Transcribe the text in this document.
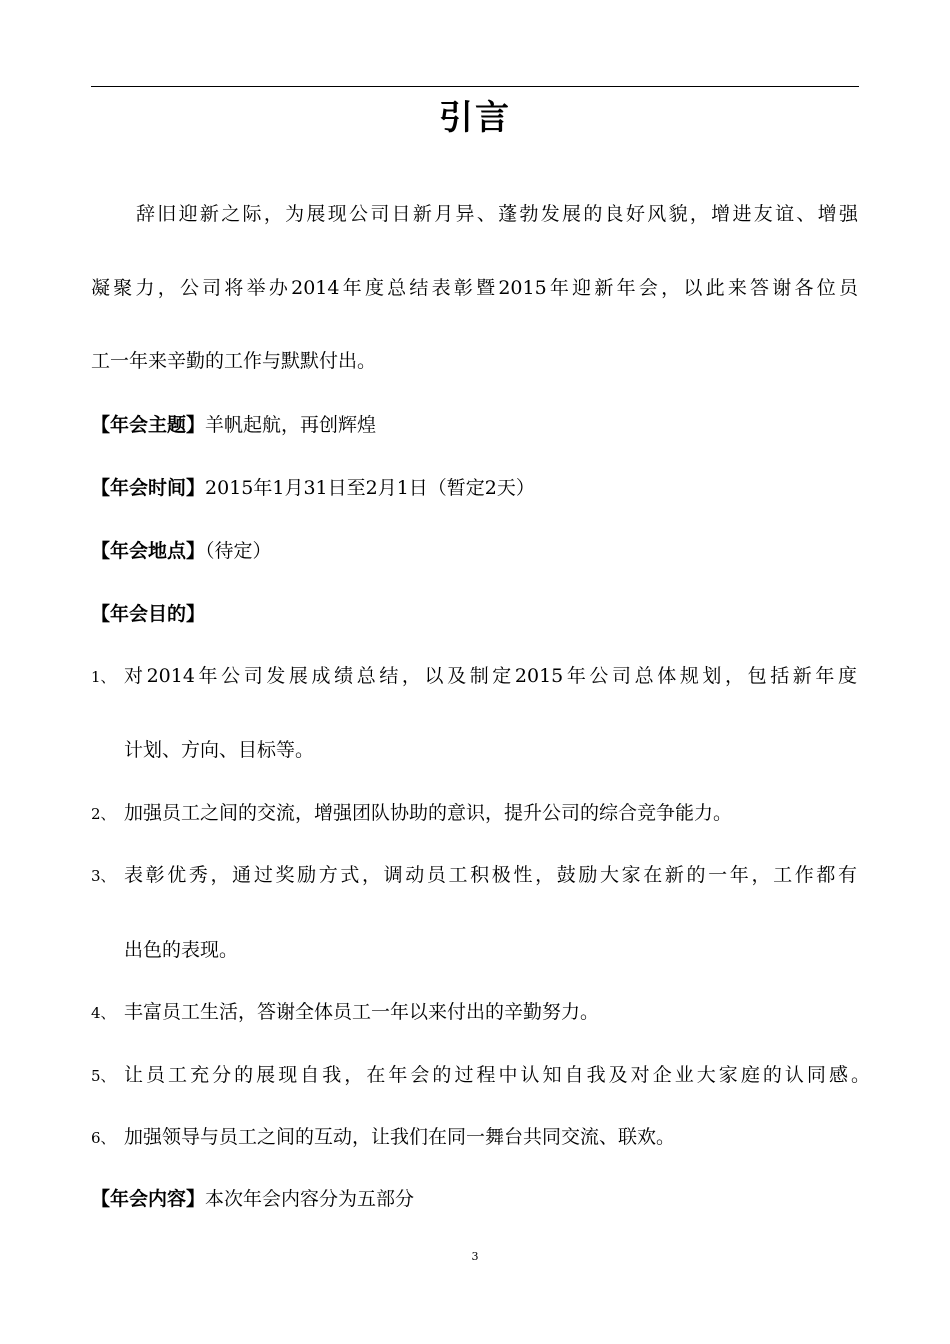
引言
辞旧迎新之际，为展现公司日新月异、蓬勃发展的良好风貌，增进友谊、增强
凝聚力，公司将举办2014年度总结表彰暨2015年迎新年会，以此来答谢各位员
工一年来辛勤的工作与默默付出。
【年会主题】羊帆起航，再创辉煌
【年会时间】2015年1月31日至2月1日（暂定2天）
【年会地点】（待定）
【年会目的】
1、 对2014年公司发展成绩总结，以及制定2015年公司总体规划，包括新年度
计划、方向、目标等。
2、 加强员工之间的交流，增强团队协助的意识，提升公司的综合竞争能力。
3、 表彰优秀，通过奖励方式，调动员工积极性，鼓励大家在新的一年，工作都有
出色的表现。
4、 丰富员工生活，答谢全体员工一年以来付出的辛勤努力。
5、 让员工充分的展现自我，在年会的过程中认知自我及对企业大家庭的认同感。
6、 加强领导与员工之间的互动，让我们在同一舞台共同交流、联欢。
【年会内容】本次年会内容分为五部分
3
